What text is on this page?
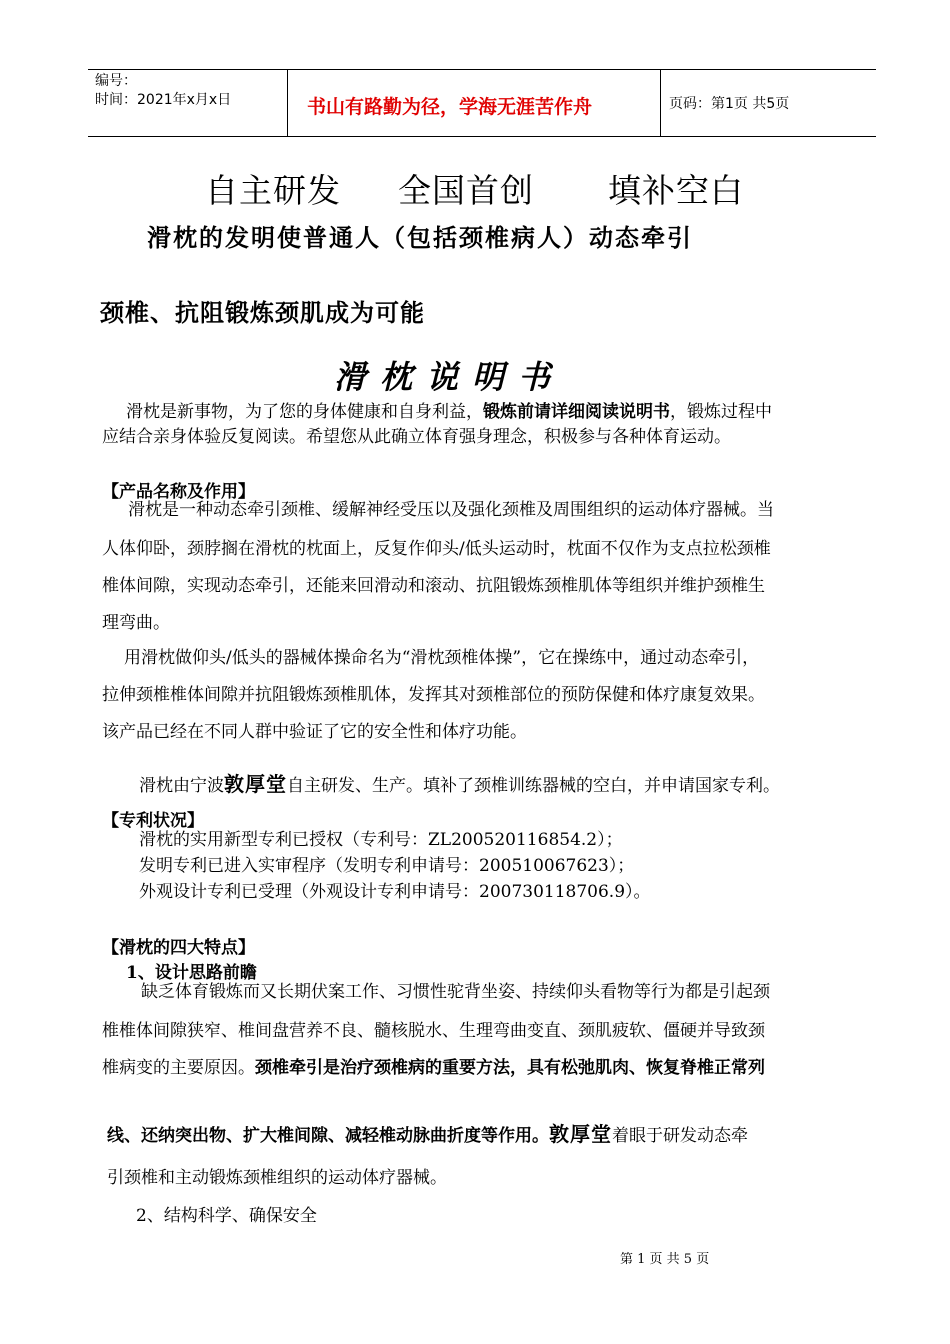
编号：
时间：2021年x月x日	书山有路勤为径，学海无涯苦作舟	页码：第1页 共5页
自主研发 全国首创 填补空白
滑枕的发明使普通人（包括颈椎病人）动态牵引
颈椎、抗阻锻炼颈肌成为可能
滑枕说明书
滑枕是新事物，为了您的身体健康和自身利益，锻炼前请详细阅读说明书，锻炼过程中
应结合亲身体验反复阅读。希望您从此确立体育强身理念，积极参与各种体育运动。
【产品名称及作用】
滑枕是一种动态牵引颈椎、缓解神经受压以及强化颈椎及周围组织的运动体疗器械。当
人体仰卧，颈脖搁在滑枕的枕面上，反复作仰头/低头运动时，枕面不仅作为支点拉松颈椎
椎体间隙，实现动态牵引，还能来回滑动和滚动、抗阻锻炼颈椎肌体等组织并维护颈椎生
理弯曲。
用滑枕做仰头/低头的器械体操命名为“滑枕颈椎体操”，它在操练中，通过动态牵引，
拉伸颈椎椎体间隙并抗阻锻炼颈椎肌体，发挥其对颈椎部位的预防保健和体疗康复效果。
该产品已经在不同人群中验证了它的安全性和体疗功能。
滑枕由宁波敦厚堂自主研发、生产。填补了颈椎训练器械的空白，并申请国家专利。
【专利状况】
滑枕的实用新型专利已授权（专利号：ZL200520116854.2）；
发明专利已进入实审程序（发明专利申请号：200510067623）；
外观设计专利已受理（外观设计专利申请号：200730118706.9）。
【滑枕的四大特点】
1、设计思路前瞻
缺乏体育锻炼而又长期伏案工作、习惯性驼背坐姿、持续仰头看物等行为都是引起颈
椎椎体间隙狭窄、椎间盘营养不良、髓核脱水、生理弯曲变直、颈肌疲软、僵硬并导致颈
椎病变的主要原因。颈椎牵引是治疗颈椎病的重要方法，具有松弛肌肉、恢复脊椎正常列
线、还纳突出物、扩大椎间隙、减轻椎动脉曲折度等作用。敦厚堂着眼于研发动态牵
引颈椎和主动锻炼颈椎组织的运动体疗器械。
2、结构科学、确保安全
第 1 页 共 5 页
